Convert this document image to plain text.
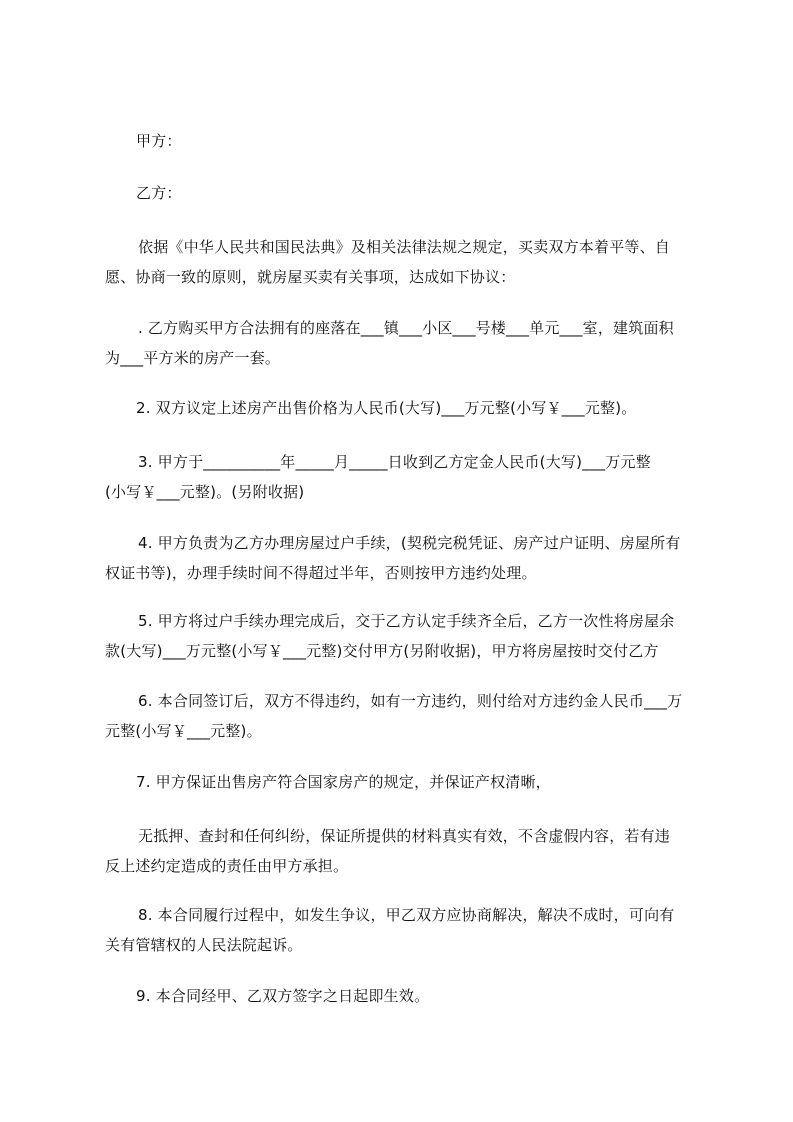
甲方：
乙方：
依据《中华人民共和国民法典》及相关法律法规之规定，买卖双方本着平等、自
愿、协商一致的原则，就房屋买卖有关事项，达成如下协议：
. 乙方购买甲方合法拥有的座落在___镇___小区___号楼___单元___室，建筑面积
为___平方米的房产一套。
2. 双方议定上述房产出售价格为人民币(大写)___万元整(小写￥___元整)。
3. 甲方于__________年_____月_____日收到乙方定金人民币(大写)___万元整
(小写￥___元整)。(另附收据)
4. 甲方负责为乙方办理房屋过户手续，(契税完税凭证、房产过户证明、房屋所有
权证书等)，办理手续时间不得超过半年，否则按甲方违约处理。
5. 甲方将过户手续办理完成后，交于乙方认定手续齐全后，乙方一次性将房屋余
款(大写)___万元整(小写￥___元整)交付甲方(另附收据)，甲方将房屋按时交付乙方
6. 本合同签订后，双方不得违约，如有一方违约，则付给对方违约金人民币___万
元整(小写￥___元整)。
7. 甲方保证出售房产符合国家房产的规定，并保证产权清晰，
无抵押、查封和任何纠纷，保证所提供的材料真实有效，不含虚假内容，若有违
反上述约定造成的责任由甲方承担。
8. 本合同履行过程中，如发生争议，甲乙双方应协商解决，解决不成时，可向有
关有管辖权的人民法院起诉。
9. 本合同经甲、乙双方签字之日起即生效。
